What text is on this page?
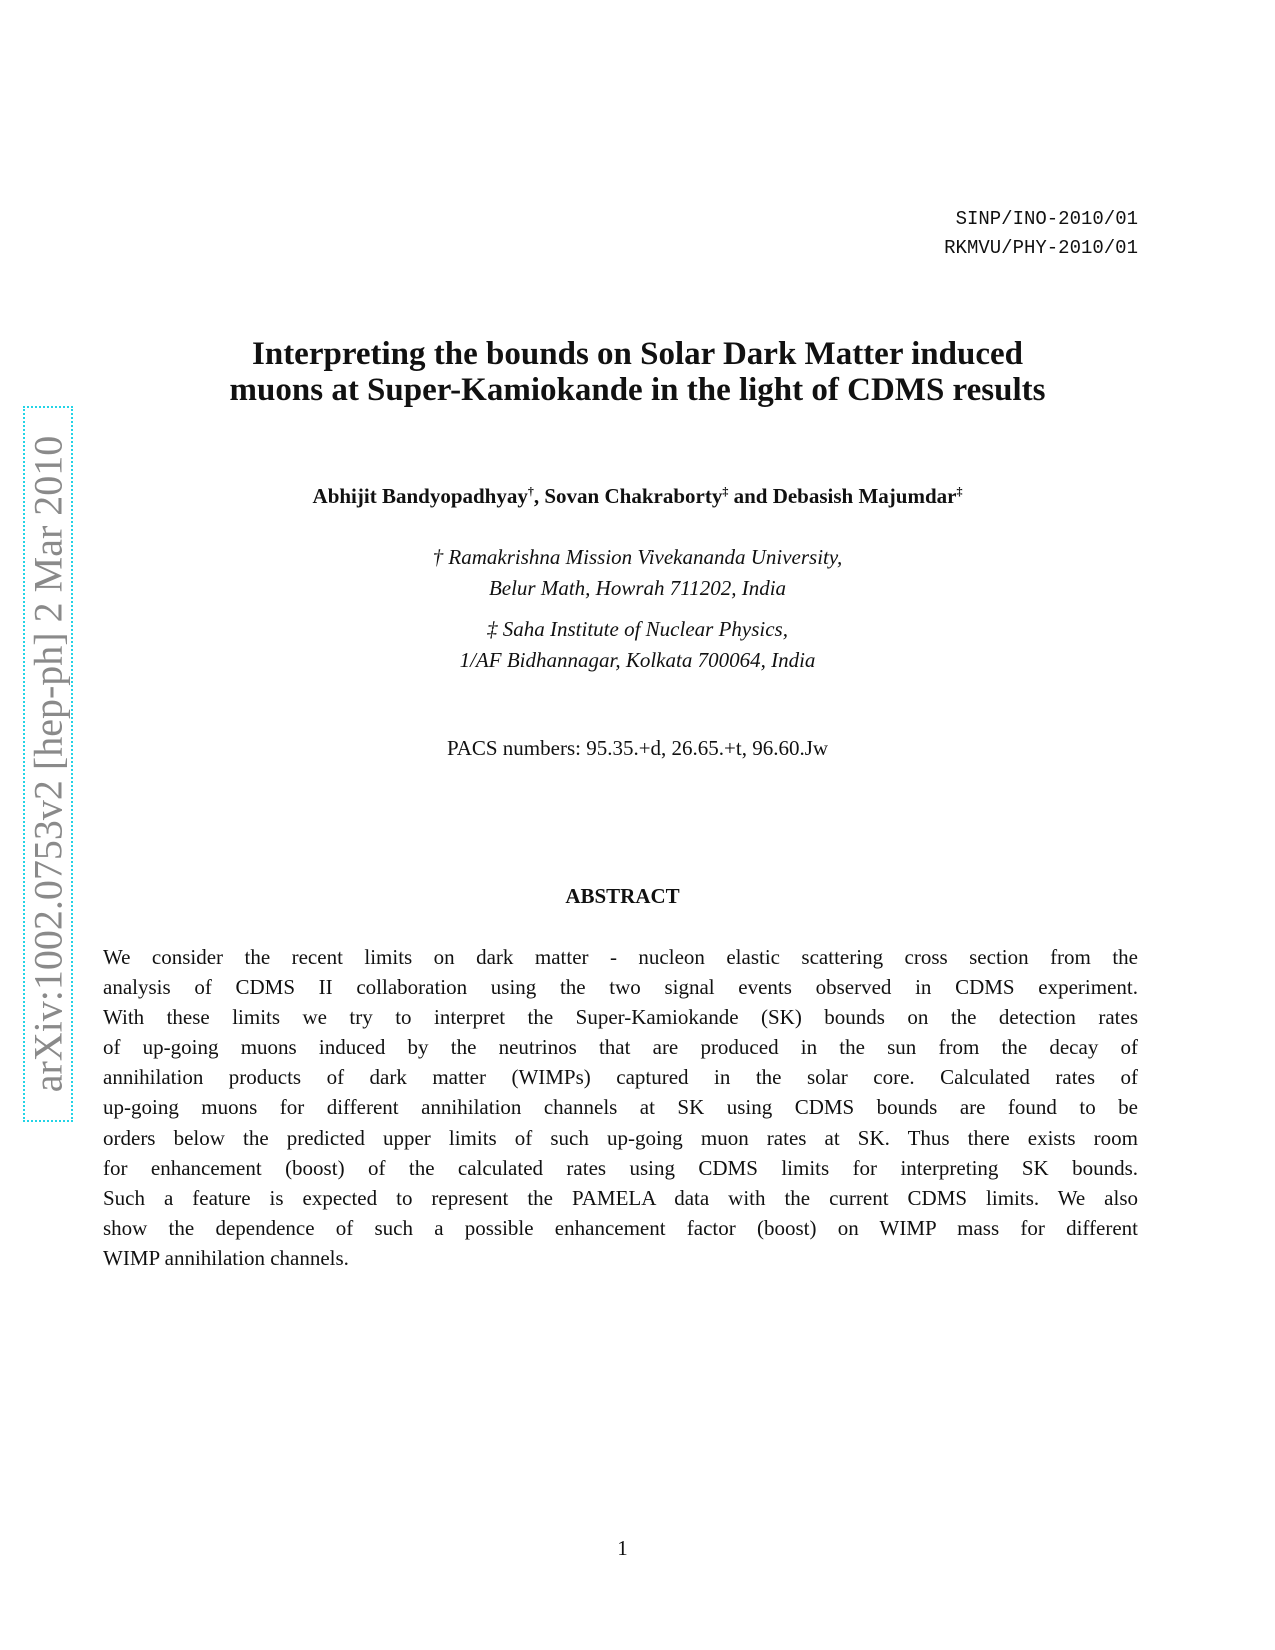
SINP/INO-2010/01
RKMVU/PHY-2010/01
Interpreting the bounds on Solar Dark Matter induced
muons at Super-Kamiokande in the light of CDMS results
Abhijit Bandyopadhyay†, Sovan Chakraborty‡ and Debasish Majumdar‡
† Ramakrishna Mission Vivekananda University,
Belur Math, Howrah 711202, India
‡ Saha Institute of Nuclear Physics,
1/AF Bidhannagar, Kolkata 700064, India
PACS numbers: 95.35.+d, 26.65.+t, 96.60.Jw
ABSTRACT
We consider the recent limits on dark matter - nucleon elastic scattering cross section from the
analysis of CDMS II collaboration using the two signal events observed in CDMS experiment.
With these limits we try to interpret the Super-Kamiokande (SK) bounds on the detection rates
of up-going muons induced by the neutrinos that are produced in the sun from the decay of
annihilation products of dark matter (WIMPs) captured in the solar core. Calculated rates of
up-going muons for different annihilation channels at SK using CDMS bounds are found to be
orders below the predicted upper limits of such up-going muon rates at SK. Thus there exists room
for enhancement (boost) of the calculated rates using CDMS limits for interpreting SK bounds.
Such a feature is expected to represent the PAMELA data with the current CDMS limits. We also
show the dependence of such a possible enhancement factor (boost) on WIMP mass for different
WIMP annihilation channels.
1
arXiv:1002.0753v2 [hep-ph] 2 Mar 2010
